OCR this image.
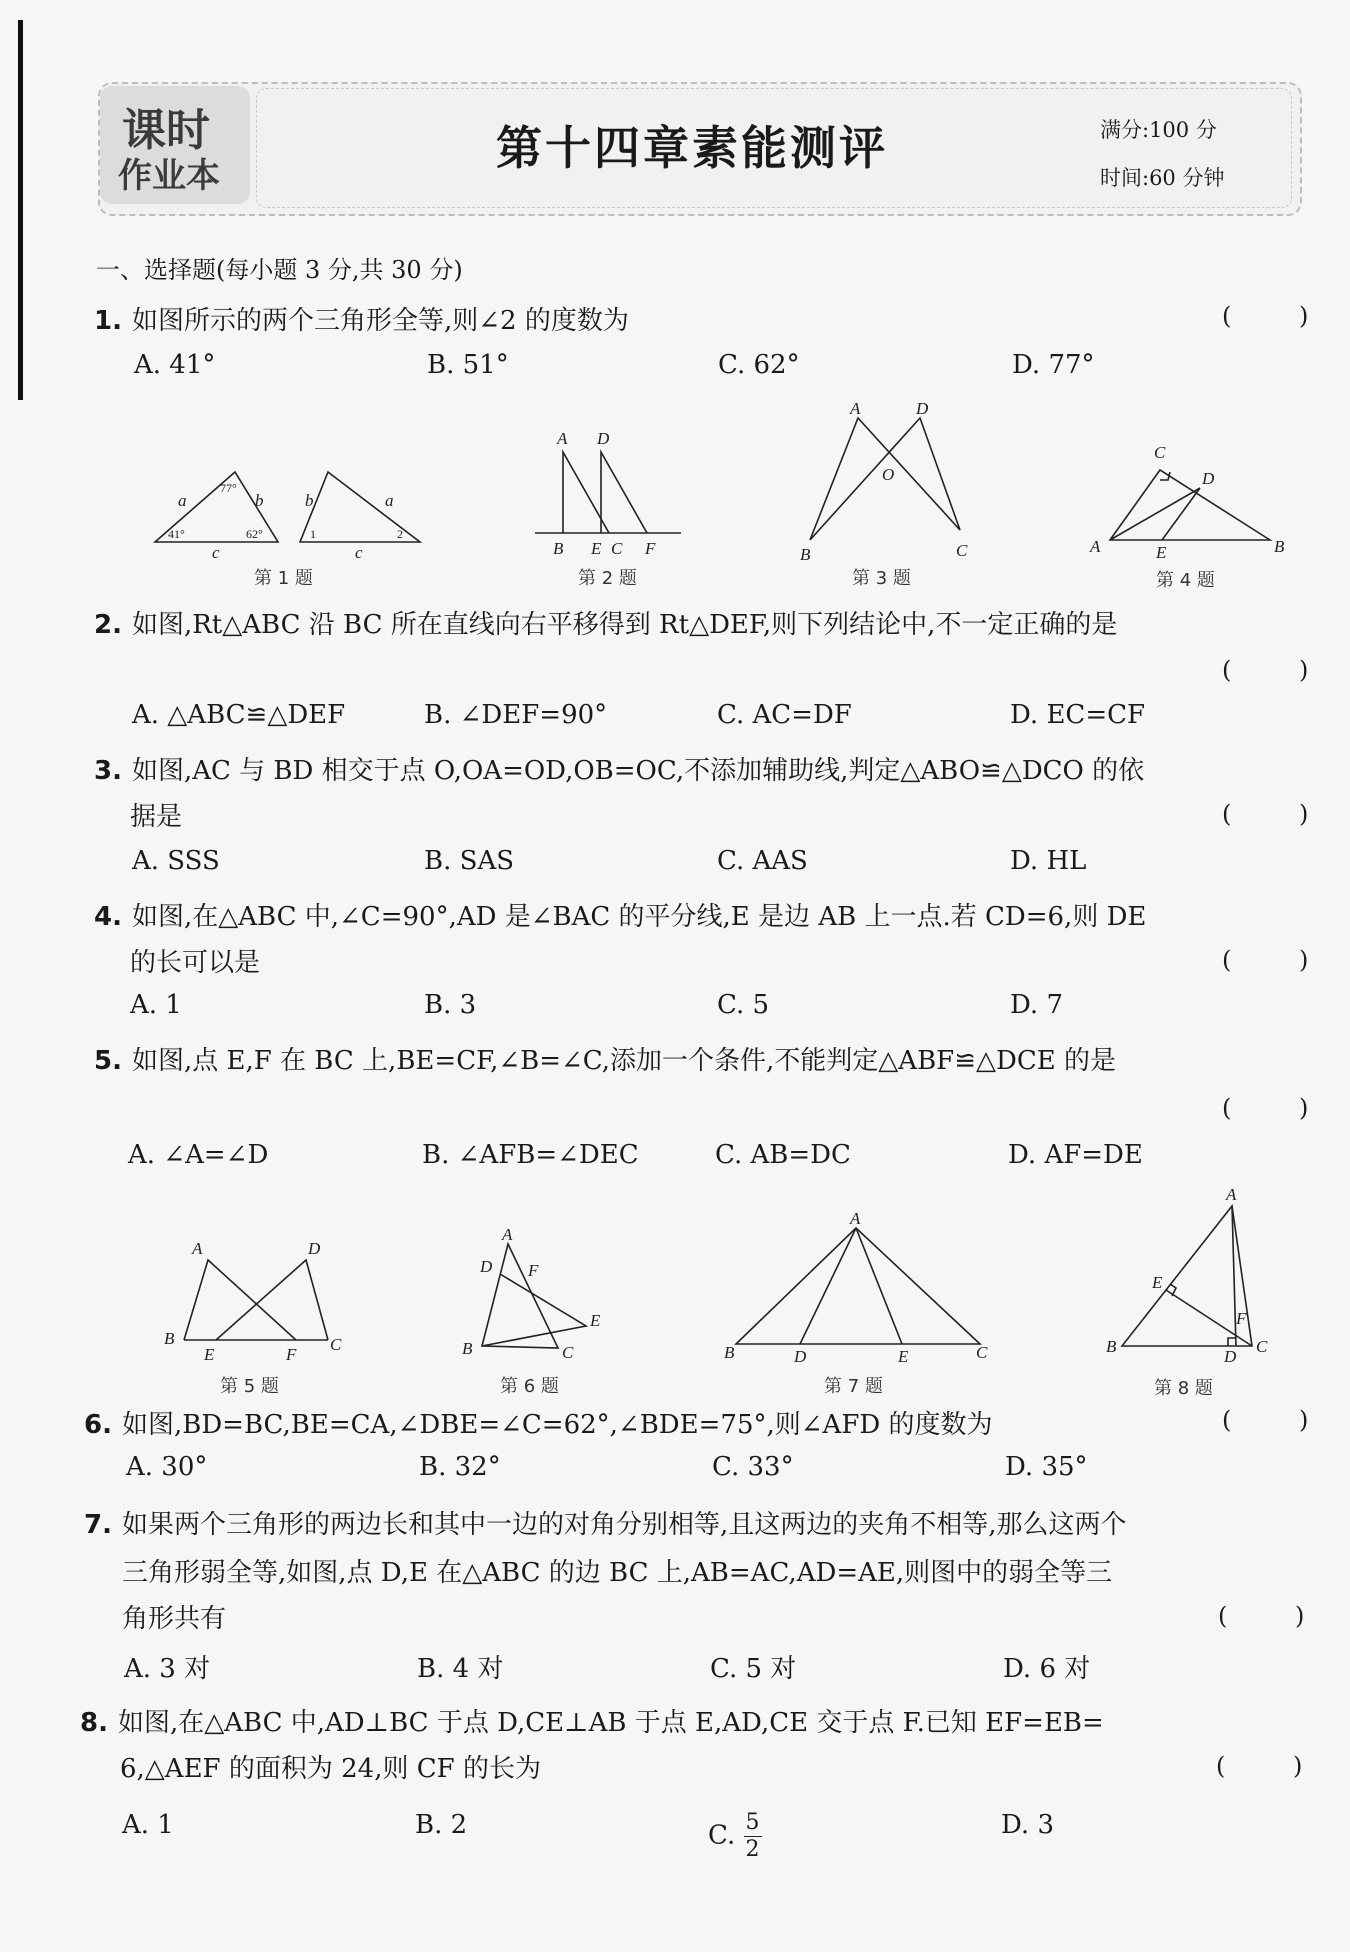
课时
作业本
第十四章素能测评	满分:100 分
时间:60 分钟
一、选择题(每小题 3 分,共 30 分)
1. 如图所示的两个三角形全等,则∠2 的度数为	( )
A. 41°	B. 51°	C. 62°	D. 77°
a
77°
b
41°	62°
c
b	a
1	2
c
第 1 题
A D
B E C F
第 2 题
A	D
O
B	C
第 3 题
C
D
A	E	B
第 4 题
2. 如图,Rt△ABC 沿 BC 所在直线向右平移得到 Rt△DEF,则下列结论中,不一定正确的是
( )
A. △ABC≌△DEF	B. ∠DEF=90°	C. AC=DF	D. EC=CF
3. 如图,AC 与 BD 相交于点 O,OA=OD,OB=OC,不添加辅助线,判定△ABO≌△DCO 的依
据是	( )
A. SSS	B. SAS	C. AAS	D. HL
4. 如图,在△ABC 中,∠C=90°,AD 是∠BAC 的平分线,E 是边 AB 上一点.若 CD=6,则 DE
的长可以是	( )
A. 1	B. 3	C. 5	D. 7
5. 如图,点 E,F 在 BC 上,BE=CF,∠B=∠C,添加一个条件,不能判定△ABF≌△DCE 的是
( )
A. ∠A=∠D	B. ∠AFB=∠DEC	C. AB=DC	D. AF=DE
A	D
B
E	F
C
第 5 题
A
D F
E
B	C
第 6 题
A
B	D	E	C
第 7 题
A
E
F
B
D
C
第 8 题
6. 如图,BD=BC,BE=CA,∠DBE=∠C=62°,∠BDE=75°,则∠AFD 的度数为	( )
A. 30°	B. 32°	C. 33°	D. 35°
7. 如果两个三角形的两边长和其中一边的对角分别相等,且这两边的夹角不相等,那么这两个
三角形弱全等,如图,点 D,E 在△ABC 的边 BC 上,AB=AC,AD=AE,则图中的弱全等三
角形共有	( )
A. 3 对	B. 4 对	C. 5 对	D. 6 对
8. 如图,在△ABC 中,AD⊥BC 于点 D,CE⊥AB 于点 E,AD,CE 交于点 F.已知 EF=EB=
6,△AEF 的面积为 24,则 CF 的长为	( )
A. 1	B. 2	C. $\frac{5}{2}$	D. 3
